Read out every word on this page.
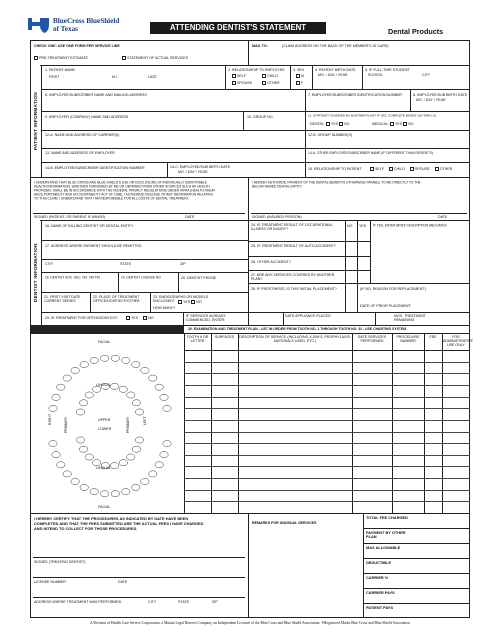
BlueCross BlueShield
of Texas	ATTENDING DENTIST'S STATEMENT	Dental Products
CHECK ONE: USE ONE FORM PER SERVICE LINE
PRE-TREATMENT ESTIMATE	STATEMENT OF ACTUAL SERVICES
MAIL TO:	(CLAIM ADDRESS ON THE BACK OF THE MEMBER'S ID CARD)
PATIENT INFORMATION
1. PATIENT NAME
FIRST	M.I.	LAST
2. RELATIONSHIP TO EMPLOYEE
SELF	CHILD
SPOUSE	OTHER
3. SEX
M
F
4. PATIENT BIRTH DATE
MO. / DAY / YEAR
5. IF FULL-TIME STUDENT
SCHOOL	CITY
6. EMPLOYEE/SUBSCRIBER NAME AND MAILING ADDRESS	7. EMPLOYEE/SUBSCRIBER IDENTIFICATION NUMBER	8. EMPLOYEE/SUB BIRTH DATE
MO. / DAY / YEAR
9. EMPLOYER (COMPANY) NAME AND ADDRESS	10. GROUP NO.	11. IS PATIENT COVERED BY ANOTHER PLAN? IF YES, COMPLETE BOXES 12A THRU 16.
DENTAL: YES NO	MEDICAL: YES NO
12-A. NAME AND ADDRESS OF CARRIER(S)	12-B. GROUP NUMBER(S)
13. NAME AND ADDRESS OF EMPLOYER	14-A. OTHER EMPLOYEE/SUBSCRIBER NAME (IF DIFFERENT THAN PATIENT'S)
14-B. EMPLOYEE/SUBSCRIBER IDENTIFICATION NUMBER	14-C. EMPLOYEE/SUB BIRTH DATE
MO. / DAY / YEAR
15. RELATIONSHIP TO PATIENT	SELF	CHILD	SPOUSE	OTHER
I UNDERSTAND THAT BLUE CROSS AND BLUE SHIELD'S USE OR DISCLOSURE OF INDIVIDUALLY IDENTIFIABLE
HEALTH INFORMATION, WHETHER FURNISHED BY ME OR OBTAINED FROM OTHER SOURCES SUCH AS HEALTH
PROVIDER, SHALL BE IN ACCORDANCE WITH THE FEDERAL PRIVACY REGULATIONS UNDER HIPAA (HEALTH INSUR-
ANCE PORTABILITY AND ACCOUNTABILITY ACT OF 1996). I AUTHORIZE RELEASE OF ANY INFORMATION RELATING
TO THIS CLAIM. I UNDERSTAND THAT I AM RESPONSIBLE FOR ALL COSTS OF DENTAL TREATMENT.
I HEREBY AUTHORIZE PAYMENT OF THE DENTAL BENEFITS OTHERWISE PAYABLE TO ME DIRECTLY TO THE
BELOW NAMED DENTAL ENTITY.
SIGNED (PATIENT, OR PARENT IF MINOR)	DATE	SIGNED (INSURED PERSON)	DATE
DENTIST INFORMATION
16. NAME OF BILLING DENTIST OR DENTAL ENTITY
17. ADDRESS WHERE PAYMENT SHOULD BE REMITTED
CITY	STATE	ZIP
18. DENTIST SOC. SEC. NO. OR TIN	19. DENTIST LICENSE NO.	20. DENTIST PHONE
21. FIRST VISIT DATE CURRENT SERIES
22. PLACE OF TREATMENT OFFICE/HOSP./ECF/OTHER
23. RADIOGRAPHS OR MODELS ENCLOSED?	YES NO
HOW MANY?
29. IS TREATMENT FOR ORTHODONTICS?	YES	NO	IF SERVICES ALREADY COMMENCED, ENTER:
24. IS TREATMENT RESULT OF OCCUPATIONAL ILLNESS OR INJURY?
NO YES IF YES, ENTER BRIEF DESCRIPTION AND DATES
25. IS TREATMENT RESULT OF AUTO ACCIDENT?
26. OTHER ACCIDENT?
27. ARE ANY SERVICES COVERED BY ANOTHER PLAN?
28. IF PROSTHESIS, IS THIS INITIAL PLACEMENT?	(IF NO, REASON FOR REPLACEMENT)
DATE OF PRIOR PLACEMENT
DATE APPLIANCE PLACED	MOS. TREATMENT REMAINING
IDENTIFY MISSING TEETH WITH "X"
30. EXAMINATION AND TREATMENT PLAN - LIST IN ORDER FROM TOOTH NO. 1 THROUGH TOOTH NO. 32 - USE CHARTING SYSTEM
FACIAL
LINGUAL
UPPER
LOWER
LINGUAL
FACIAL
RIGHT	LEFT
PRIMARY	PRIMARY
TOOTH # OR LETTER
SURFACES	DESCRIPTION OF SERVICE (INCLUDING X-RAYS, PROPHYLAXIS, MATERIALS USED, ETC.)
DATE SERVICES PERFORMED
PROCEDURE NUMBER
FEE	FOR ADMINISTRATIVE USE ONLY
I HEREBY CERTIFY THAT THE PROCEDURES AS INDICATED BY DATE HAVE BEEN
COMPLETED AND THAT THE FEES SUBMITTED ARE THE ACTUAL FEES I HAVE CHARGED
AND INTEND TO COLLECT FOR THOSE PROCEDURES.
REMARKS FOR UNUSUAL SERVICES
SIGNED (TREATING DENTIST)
LICENSE NUMBER	DATE
ADDRESS WHERE TREATMENT WAS PERFORMED	CITY	STATE	ZIP
TOTAL FEE CHARGED
PAYMENT BY OTHER PLAN
MAX ALLOWABLE
DEDUCTIBLE
CARRIER %
CARRIER PAYS
PATIENT PAYS
A Division of Health Care Service Corporation, a Mutual Legal Reserve Company, an Independent Licensee of the Blue Cross and Blue Shield Association. ®Registered Marks Blue Cross and Blue Shield Association
